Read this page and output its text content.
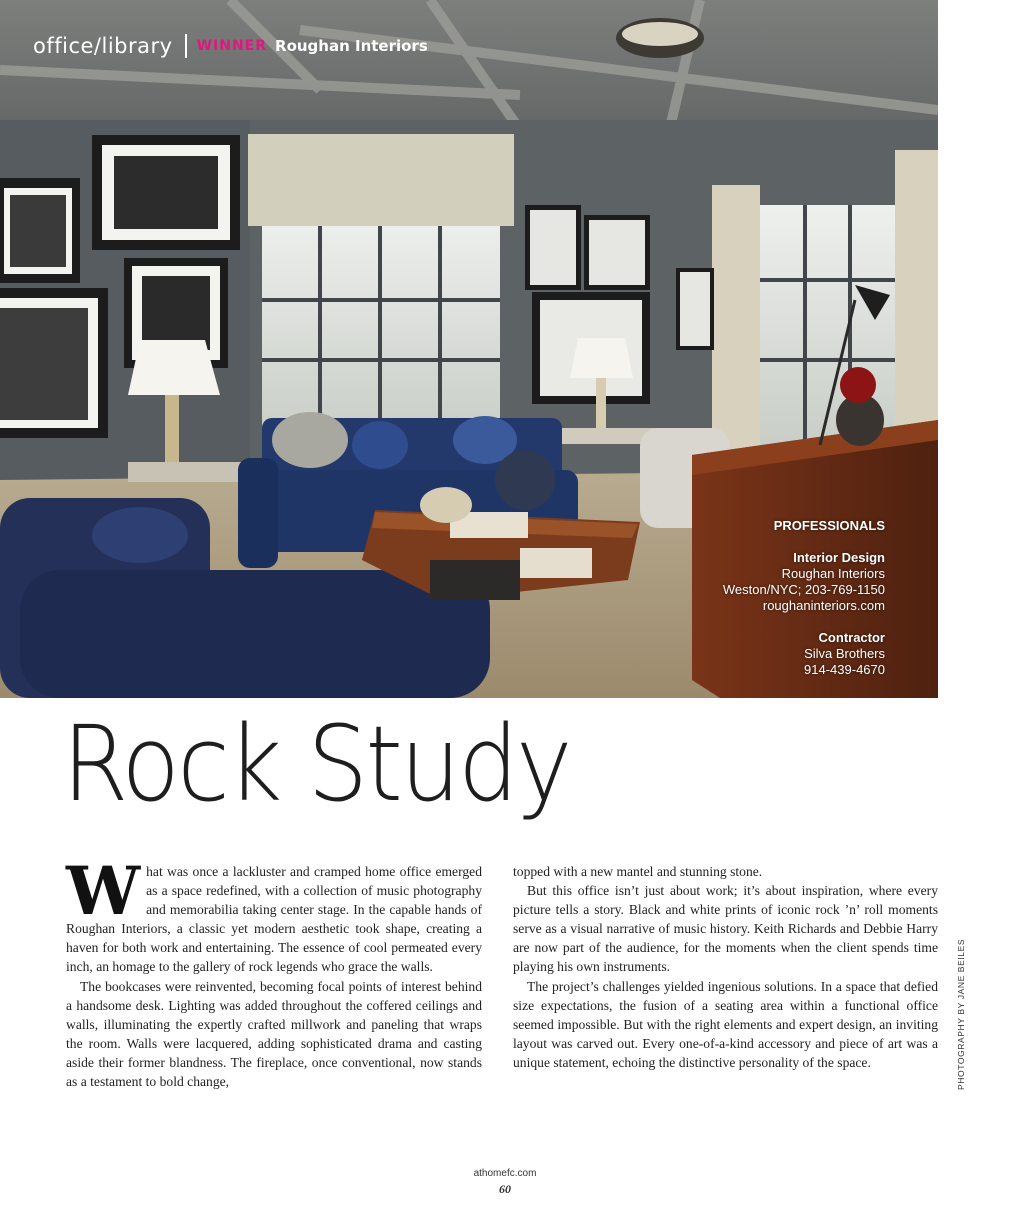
office/library WINNER Roughan Interiors
PROFESSIONALS
Interior Design
Roughan Interiors
Weston/NYC; 203-769-1150
roughaninteriors.com
Contractor
Silva Brothers
914-439-4670
Rock Study

What was once a lackluster and cramped home office emerged as a space redefined, with a collection of music photography and memorabilia taking center stage. In the capable hands of Roughan Interiors, a classic yet modern aesthetic took shape, creating a haven for both work and entertaining. The essence of cool permeated every inch, an homage to the gallery of rock legends who grace the walls.

The bookcases were reinvented, becoming focal points of interest behind a handsome desk. Lighting was added throughout the coffered ceilings and walls, illuminating the expertly crafted millwork and paneling that wraps the room. Walls were lacquered, adding sophisticated drama and casting aside their former blandness. The fireplace, once conventional, now stands as a testament to bold change,

topped with a new mantel and stunning stone.

But this office isn’t just about work; it’s about inspiration, where every picture tells a story. Black and white prints of iconic rock ’n’ roll moments serve as a visual narrative of music history. Keith Richards and Debbie Harry are now part of the audience, for the moments when the client spends time playing his own instruments.

The project’s challenges yielded ingenious solutions. In a space that defied size expectations, the fusion of a seating area within a functional office seemed impossible. But with the right elements and expert design, an inviting layout was carved out. Every one-of-a-kind accessory and piece of art was a unique statement, echoing the distinctive personality of the space.	PHOTOGRAPHY BY JANE BEILES
athomefc.com
60
